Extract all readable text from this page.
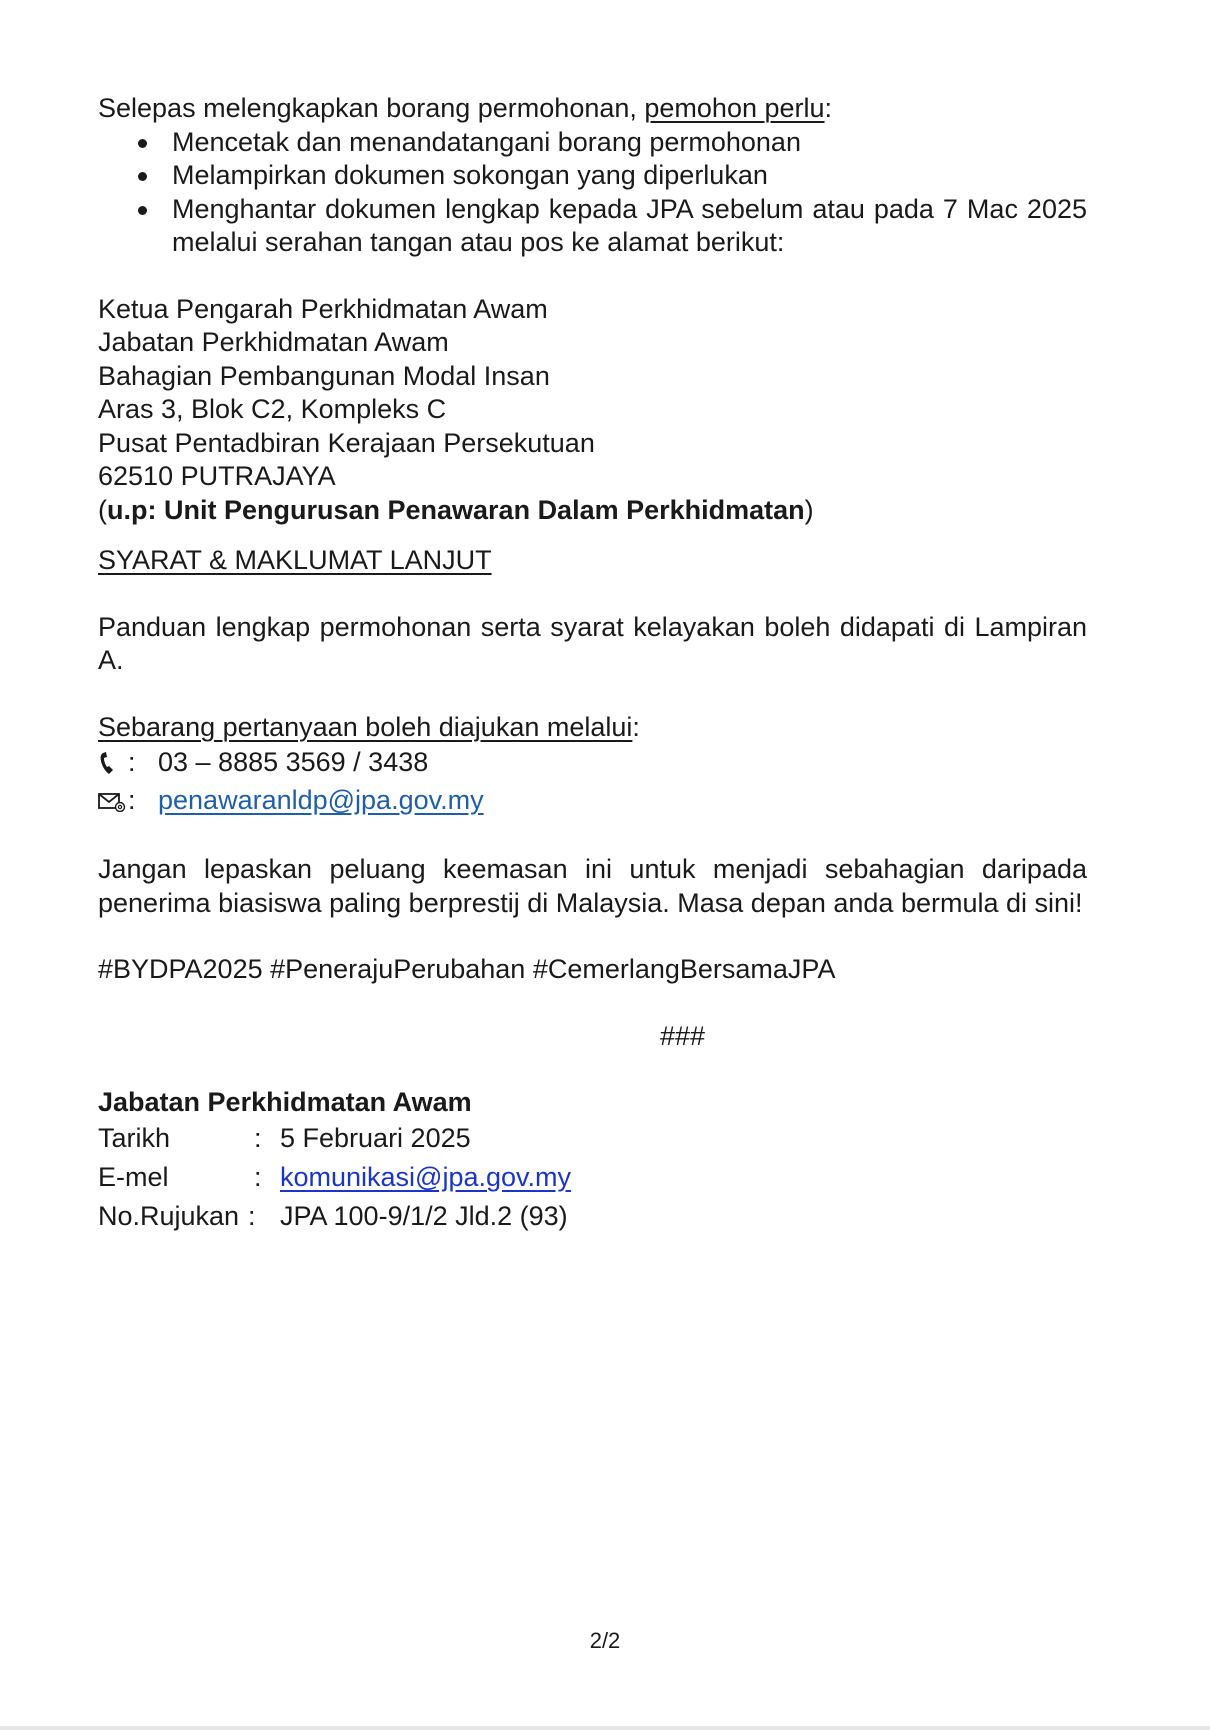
Selepas melengkapkan borang permohonan, pemohon perlu:
Mencetak dan menandatangani borang permohonan
Melampirkan dokumen sokongan yang diperlukan
Menghantar dokumen lengkap kepada JPA sebelum atau pada 7 Mac 2025 melalui serahan tangan atau pos ke alamat berikut:
Ketua Pengarah Perkhidmatan Awam
Jabatan Perkhidmatan Awam
Bahagian Pembangunan Modal Insan
Aras 3, Blok C2, Kompleks C
Pusat Pentadbiran Kerajaan Persekutuan
62510 PUTRAJAYA
(u.p: Unit Pengurusan Penawaran Dalam Perkhidmatan)
SYARAT & MAKLUMAT LANJUT
Panduan lengkap permohonan serta syarat kelayakan boleh didapati di Lampiran A.
Sebarang pertanyaan boleh diajukan melalui:
: 03 – 8885 3569 / 3438
: penawaranldp@jpa.gov.my
Jangan lepaskan peluang keemasan ini untuk menjadi sebahagian daripada penerima biasiswa paling berprestij di Malaysia. Masa depan anda bermula di sini!
#BYDPA2025 #PenerajuPerubahan #CemerlangBersamaJPA
###
Jabatan Perkhidmatan Awam
Tarikh	: 5 Februari 2025
E-mel	: komunikasi@jpa.gov.my
No.Rujukan : JPA 100-9/1/2 Jld.2 (93)
2/2
